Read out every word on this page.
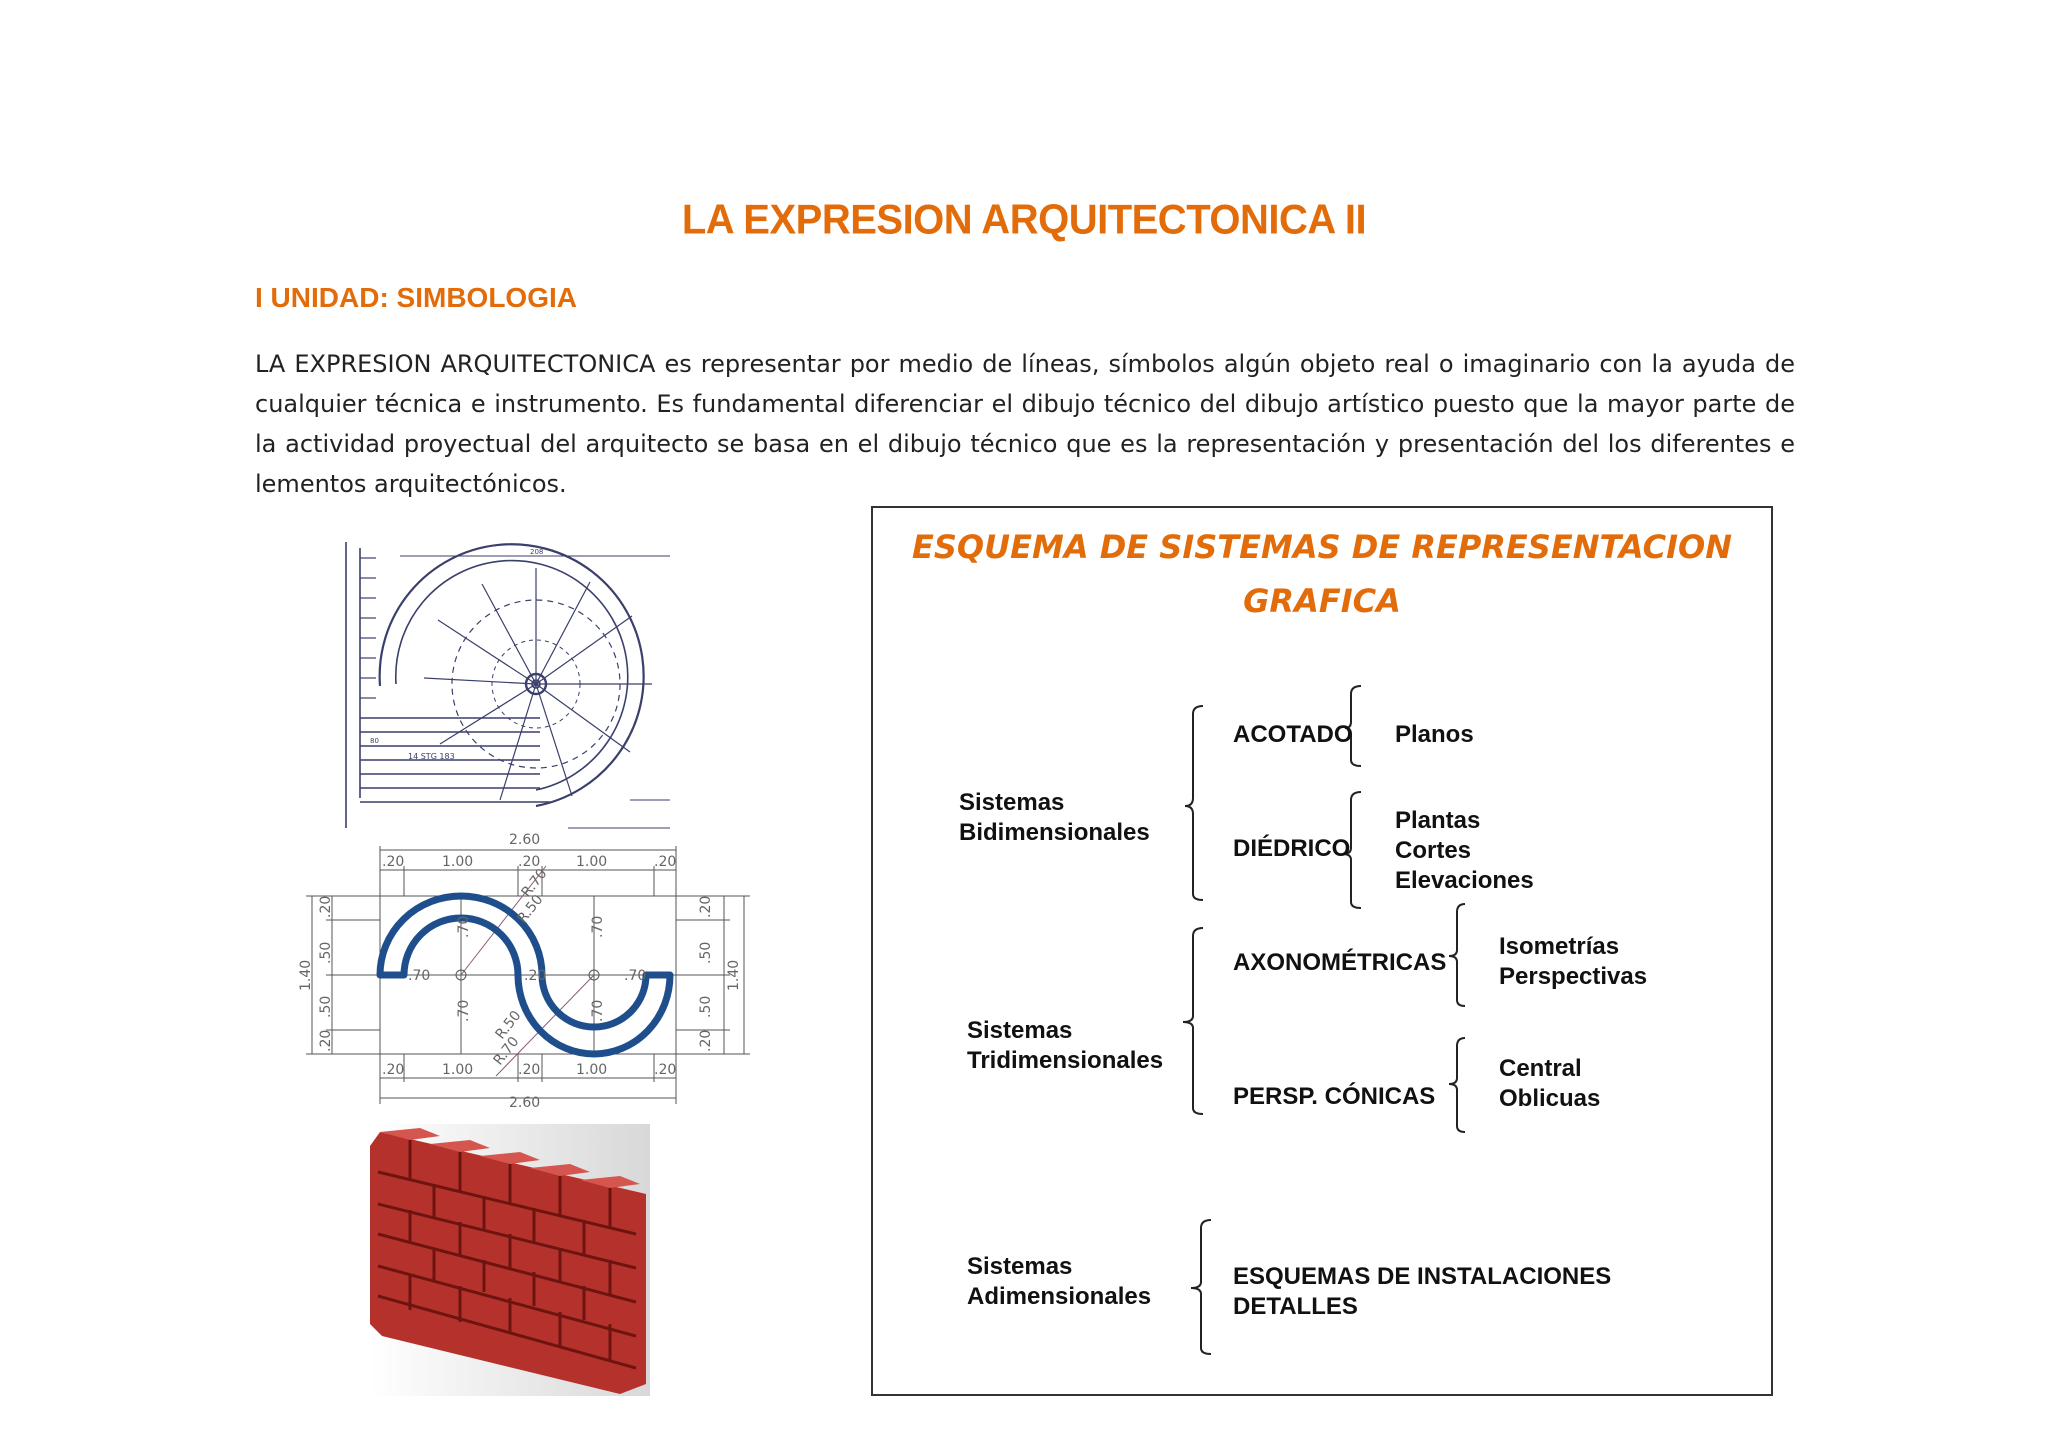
LA EXPRESION ARQUITECTONICA II
I UNIDAD: SIMBOLOGIA
LA EXPRESION ARQUITECTONICA es representar por medio de líneas, símbolos algún objeto real o imaginario con la ayuda de cualquier técnica e instrumento. Es fundamental diferenciar el dibujo técnico del dibujo artístico puesto que la mayor parte de la actividad proyectual del arquitecto se basa en el dibujo técnico que es la representación y presentación del los diferentes e lementos arquitectónicos.
208
14 STG 183
80
2.60
2.60
.20	1.00	.20	1.00	.20
.20	1.00	.20	1.00	.20
.70	.20	.70
1.40	1.40
.20
.50
.50
.20
.20
.50
.50
.20
.70
.70
.70
.70
R.70
R.50
R.50
R.70
ESQUEMA DE SISTEMAS DE REPRESENTACION
GRAFICA
Sistemas
Bidimensionales
ACOTADO Planos
DIÉDRICO
Plantas
Cortes
Elevaciones
Sistemas
Tridimensionales
AXONOMÉTRICAS
Isometrías
Perspectivas
PERSP. CÓNICAS
Central
Oblicuas
Sistemas
Adimensionales
ESQUEMAS DE INSTALACIONES
DETALLES
